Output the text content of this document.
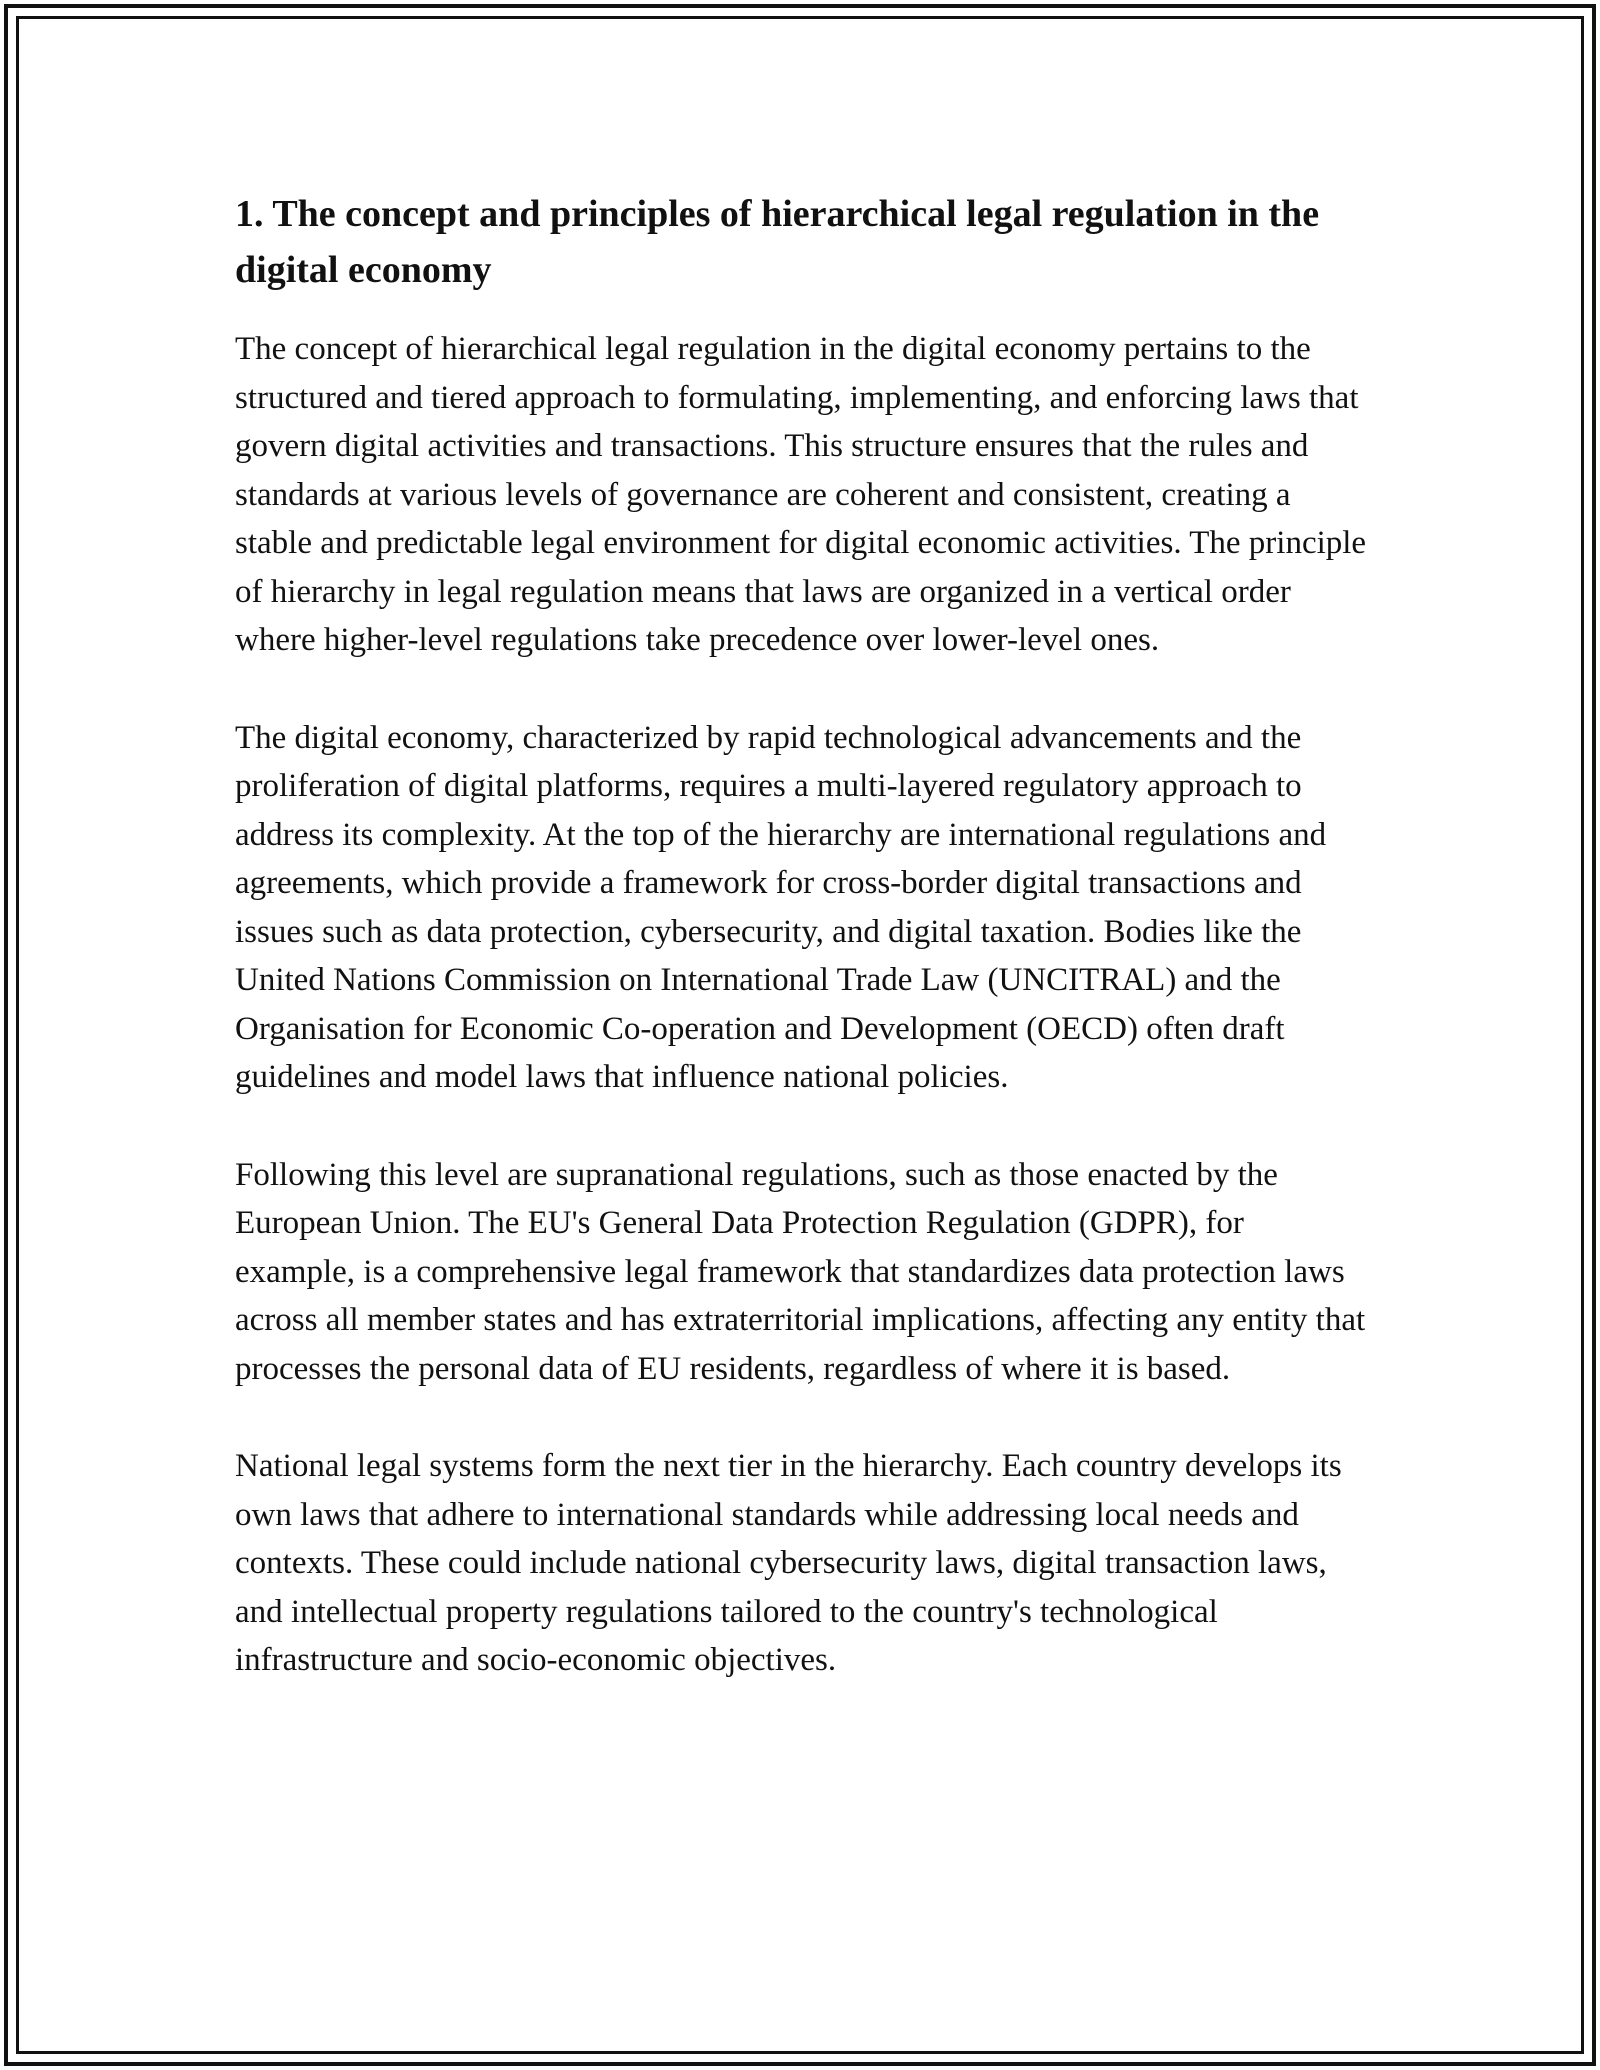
1. The concept and principles of hierarchical legal regulation in the digital economy

The concept of hierarchical legal regulation in the digital economy pertains to the structured and tiered approach to formulating, implementing, and enforcing laws that govern digital activities and transactions. This structure ensures that the rules and standards at various levels of governance are coherent and consistent, creating a stable and predictable legal environment for digital economic activities. The principle of hierarchy in legal regulation means that laws are organized in a vertical order where higher-level regulations take precedence over lower-level ones.

The digital economy, characterized by rapid technological advancements and the proliferation of digital platforms, requires a multi-layered regulatory approach to address its complexity. At the top of the hierarchy are international regulations and agreements, which provide a framework for cross-border digital transactions and issues such as data protection, cybersecurity, and digital taxation. Bodies like the United Nations Commission on International Trade Law (UNCITRAL) and the Organisation for Economic Co-operation and Development (OECD) often draft guidelines and model laws that influence national policies.

Following this level are supranational regulations, such as those enacted by the European Union. The EU's General Data Protection Regulation (GDPR), for example, is a comprehensive legal framework that standardizes data protection laws across all member states and has extraterritorial implications, affecting any entity that processes the personal data of EU residents, regardless of where it is based.

National legal systems form the next tier in the hierarchy. Each country develops its own laws that adhere to international standards while addressing local needs and contexts. These could include national cybersecurity laws, digital transaction laws, and intellectual property regulations tailored to the country's technological infrastructure and socio-economic objectives.
